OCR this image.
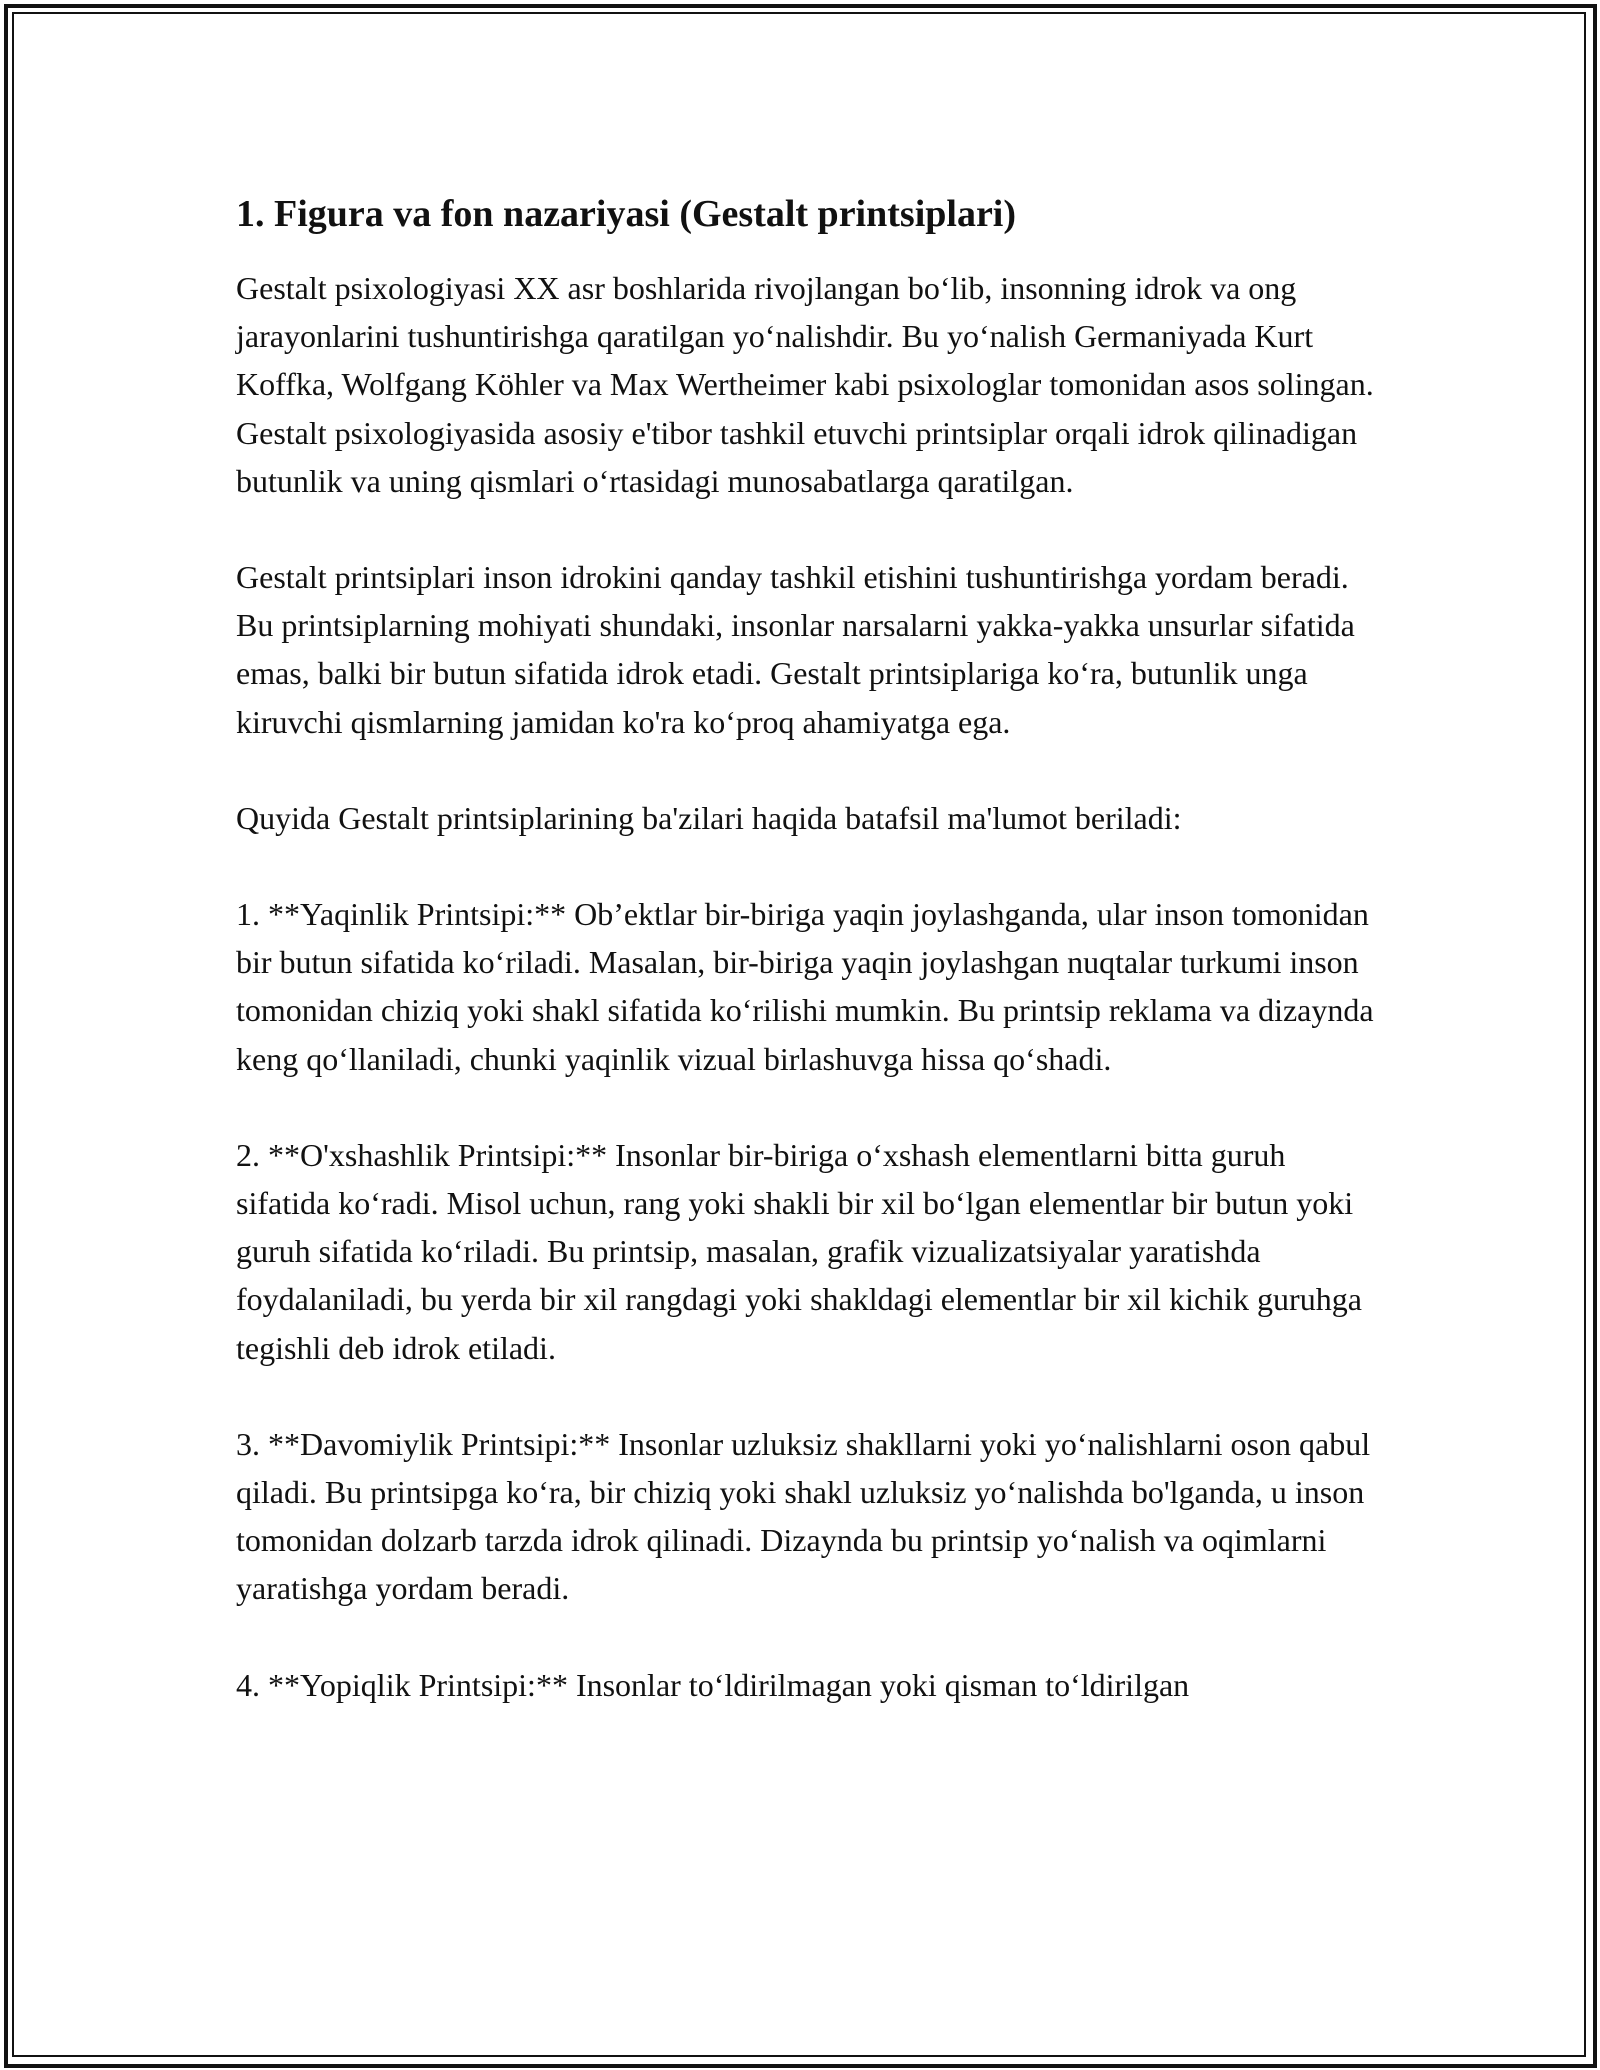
1. Figura va fon nazariyasi (Gestalt printsiplari)

Gestalt psixologiyasi XX asr boshlarida rivojlangan bo‘lib, insonning idrok va ong jarayonlarini tushuntirishga qaratilgan yo‘nalishdir. Bu yo‘nalish Germaniyada Kurt Koffka, Wolfgang Köhler va Max Wertheimer kabi psixologlar tomonidan asos solingan. Gestalt psixologiyasida asosiy e'tibor tashkil etuvchi printsiplar orqali idrok qilinadigan butunlik va uning qismlari o‘rtasidagi munosabatlarga qaratilgan.

Gestalt printsiplari inson idrokini qanday tashkil etishini tushuntirishga yordam beradi. Bu printsiplarning mohiyati shundaki, insonlar narsalarni yakka-yakka unsurlar sifatida emas, balki bir butun sifatida idrok etadi. Gestalt printsiplariga ko‘ra, butunlik unga kiruvchi qismlarning jamidan ko'ra ko‘proq ahamiyatga ega.

Quyida Gestalt printsiplarining ba'zilari haqida batafsil ma'lumot beriladi:

1. **Yaqinlik Printsipi:** Ob’ektlar bir-biriga yaqin joylashganda, ular inson tomonidan bir butun sifatida ko‘riladi. Masalan, bir-biriga yaqin joylashgan nuqtalar turkumi inson tomonidan chiziq yoki shakl sifatida ko‘rilishi mumkin. Bu printsip reklama va dizaynda keng qo‘llaniladi, chunki yaqinlik vizual birlashuvga hissa qo‘shadi.

2. **O'xshashlik Printsipi:** Insonlar bir-biriga o‘xshash elementlarni bitta guruh sifatida ko‘radi. Misol uchun, rang yoki shakli bir xil bo‘lgan elementlar bir butun yoki guruh sifatida ko‘riladi. Bu printsip, masalan, grafik vizualizatsiyalar yaratishda foydalaniladi, bu yerda bir xil rangdagi yoki shakldagi elementlar bir xil kichik guruhga tegishli deb idrok etiladi.

3. **Davomiylik Printsipi:** Insonlar uzluksiz shakllarni yoki yo‘nalishlarni oson qabul qiladi. Bu printsipga ko‘ra, bir chiziq yoki shakl uzluksiz yo‘nalishda bo'lganda, u inson tomonidan dolzarb tarzda idrok qilinadi. Dizaynda bu printsip yo‘nalish va oqimlarni yaratishga yordam beradi.

4. **Yopiqlik Printsipi:** Insonlar to‘ldirilmagan yoki qisman to‘ldirilgan
